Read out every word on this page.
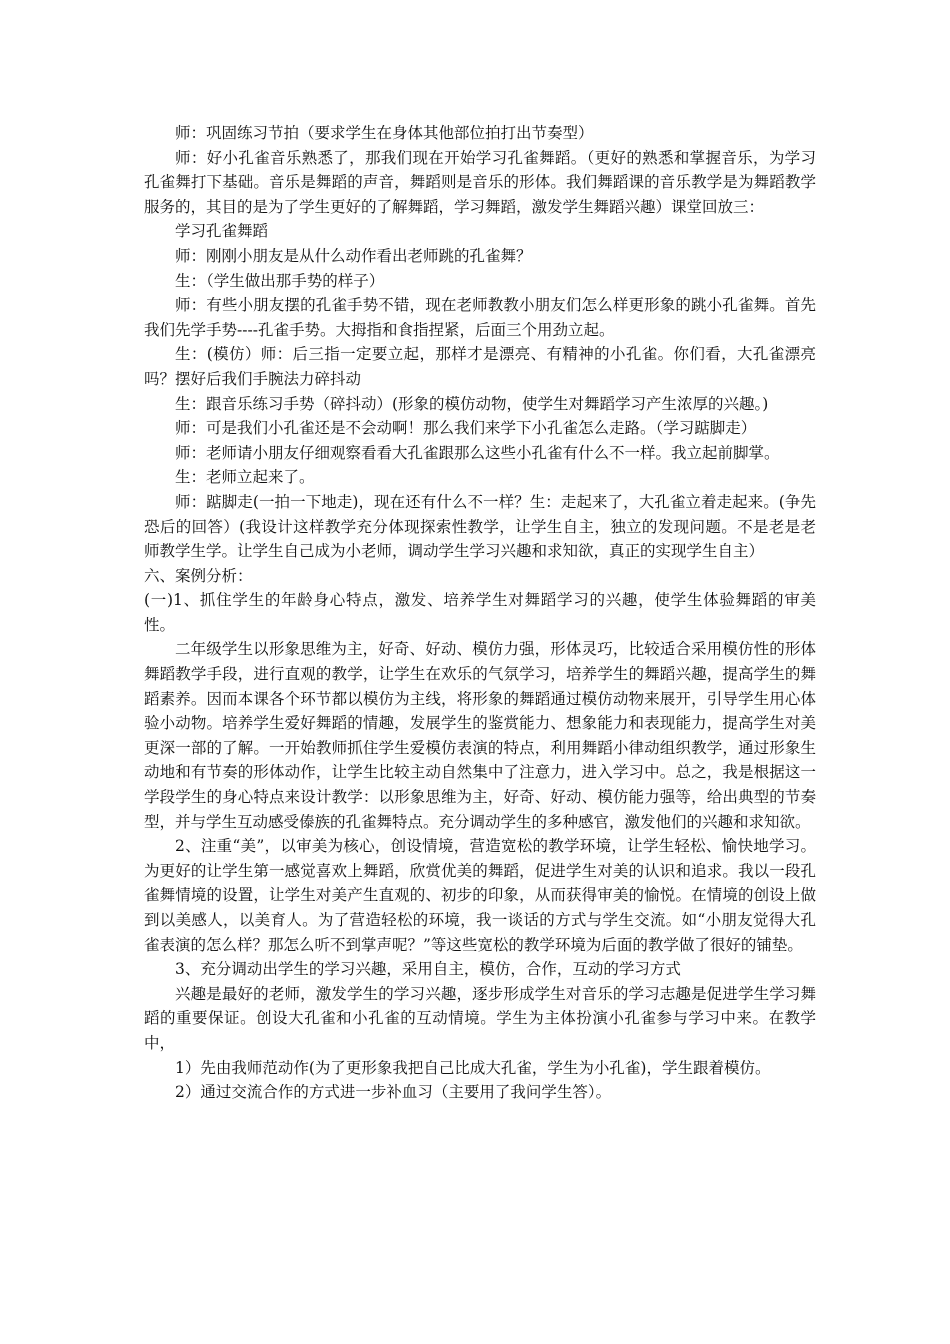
师：巩固练习节拍（要求学生在身体其他部位拍打出节奏型）

师：好小孔雀音乐熟悉了，那我们现在开始学习孔雀舞蹈。（更好的熟悉和掌握音乐，为学习孔雀舞打下基础。音乐是舞蹈的声音，舞蹈则是音乐的形体。我们舞蹈课的音乐教学是为舞蹈教学服务的，其目的是为了学生更好的了解舞蹈，学习舞蹈，激发学生舞蹈兴趣）课堂回放三：

学习孔雀舞蹈

师：刚刚小朋友是从什么动作看出老师跳的孔雀舞？

生：（学生做出那手势的样子）

师：有些小朋友摆的孔雀手势不错，现在老师教教小朋友们怎么样更形象的跳小孔雀舞。首先我们先学手势----孔雀手势。大拇指和食指捏紧，后面三个用劲立起。

生：(模仿）师：后三指一定要立起，那样才是漂亮、有精神的小孔雀。你们看，大孔雀漂亮吗？摆好后我们手腕法力碎抖动

生：跟音乐练习手势（碎抖动）(形象的模仿动物，使学生对舞蹈学习产生浓厚的兴趣。)

师：可是我们小孔雀还是不会动啊！那么我们来学下小孔雀怎么走路。（学习踮脚走）

师：老师请小朋友仔细观察看看大孔雀跟那么这些小孔雀有什么不一样。我立起前脚掌。

生：老师立起来了。

师：踮脚走(一拍一下地走)，现在还有什么不一样？生：走起来了，大孔雀立着走起来。(争先恐后的回答）(我设计这样教学充分体现探索性教学，让学生自主，独立的发现问题。不是老是老师教学生学。让学生自己成为小老师，调动学生学习兴趣和求知欲，真正的实现学生自主）

六、案例分析：

(一)1、抓住学生的年龄身心特点，激发、培养学生对舞蹈学习的兴趣，使学生体验舞蹈的审美性。

二年级学生以形象思维为主，好奇、好动、模仿力强，形体灵巧，比较适合采用模仿性的形体舞蹈教学手段，进行直观的教学，让学生在欢乐的气氛学习，培养学生的舞蹈兴趣，提高学生的舞蹈素养。因而本课各个环节都以模仿为主线，将形象的舞蹈通过模仿动物来展开，引导学生用心体验小动物。培养学生爱好舞蹈的情趣，发展学生的鉴赏能力、想象能力和表现能力，提高学生对美更深一部的了解。一开始教师抓住学生爱模仿表演的特点，利用舞蹈小律动组织教学，通过形象生动地和有节奏的形体动作，让学生比较主动自然集中了注意力，进入学习中。总之，我是根据这一学段学生的身心特点来设计教学：以形象思维为主，好奇、好动、模仿能力强等，给出典型的节奏型，并与学生互动感受傣族的孔雀舞特点。充分调动学生的多种感官，激发他们的兴趣和求知欲。

2、注重“美”，以审美为核心，创设情境，营造宽松的教学环境，让学生轻松、愉快地学习。为更好的让学生第一感觉喜欢上舞蹈，欣赏优美的舞蹈，促进学生对美的认识和追求。我以一段孔雀舞情境的设置，让学生对美产生直观的、初步的印象，从而获得审美的愉悦。在情境的创设上做到以美感人，以美育人。为了营造轻松的环境，我一谈话的方式与学生交流。如“小朋友觉得大孔雀表演的怎么样？那怎么听不到掌声呢？”等这些宽松的教学环境为后面的教学做了很好的铺垫。

3、充分调动出学生的学习兴趣，采用自主，模仿，合作，互动的学习方式

兴趣是最好的老师，激发学生的学习兴趣，逐步形成学生对音乐的学习志趣是促进学生学习舞蹈的重要保证。创设大孔雀和小孔雀的互动情境。学生为主体扮演小孔雀参与学习中来。在教学中，

1）先由我师范动作(为了更形象我把自己比成大孔雀，学生为小孔雀)，学生跟着模仿。

2）通过交流合作的方式进一步补血习（主要用了我问学生答）。
